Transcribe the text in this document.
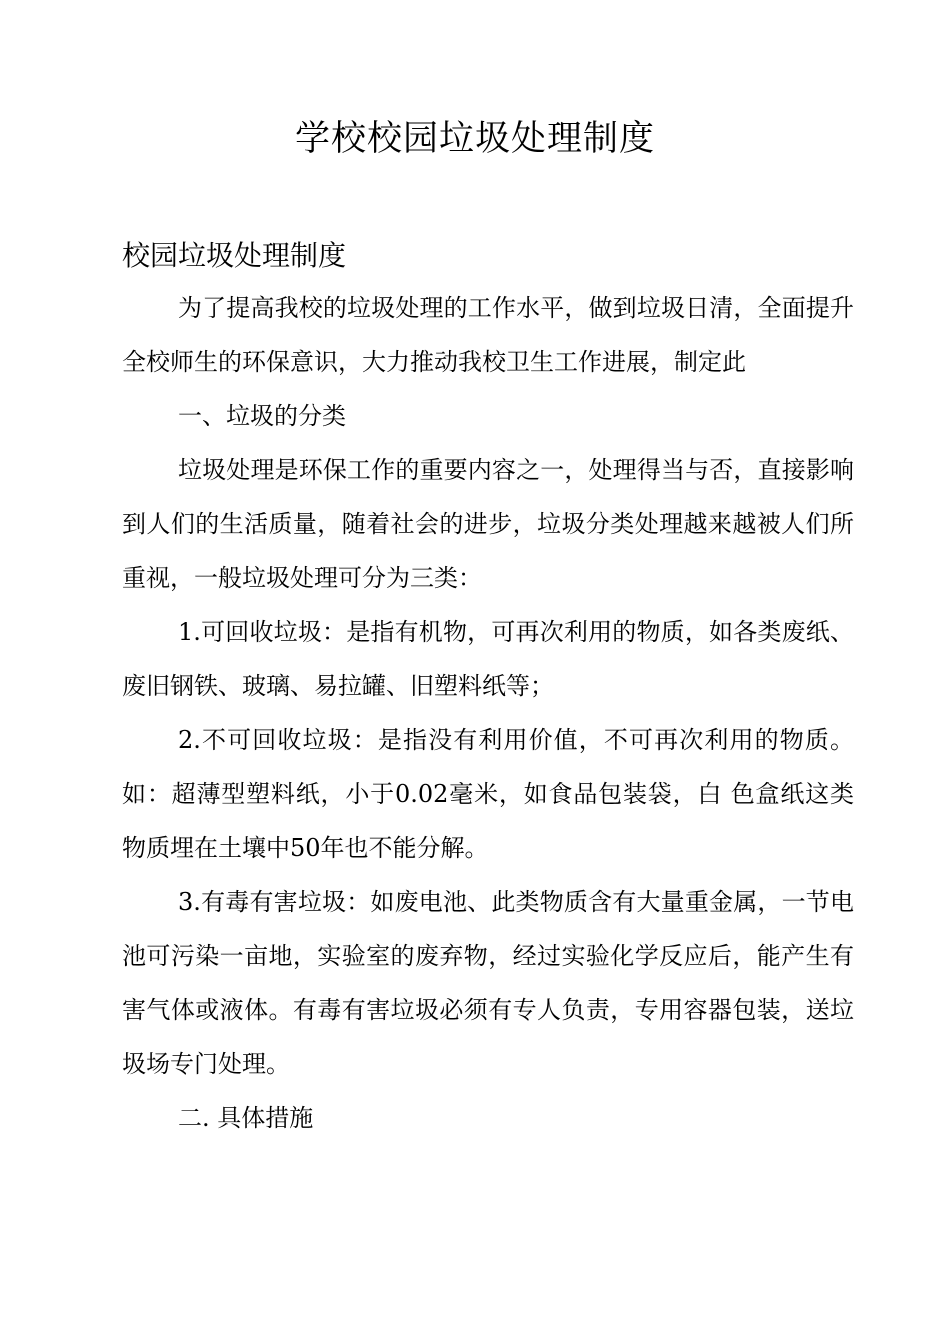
学校校园垃圾处理制度
校园垃圾处理制度

为了提高我校的垃圾处理的工作水平，做到垃圾日清，全面提升全校师生的环保意识，大力推动我校卫生工作进展，制定此

一、垃圾的分类

垃圾处理是环保工作的重要内容之一，处理得当与否，直接影响到人们的生活质量，随着社会的进步，垃圾分类处理越来越被人们所重视，一般垃圾处理可分为三类：

1.可回收垃圾：是指有机物，可再次利用的物质，如各类废纸、废旧钢铁、玻璃、易拉罐、旧塑料纸等；

2.不可回收垃圾：是指没有利用价值，不可再次利用的物质。如：超薄型塑料纸，小于0.02毫米，如食品包装袋，白 色盒纸这类物质埋在土壤中50年也不能分解。

3.有毒有害垃圾：如废电池、此类物质含有大量重金属，一节电池可污染一亩地，实验室的废弃物，经过实验化学反应后，能产生有害气体或液体。有毒有害垃圾必须有专人负责，专用容器包装，送垃圾场专门处理。

二. 具体措施
